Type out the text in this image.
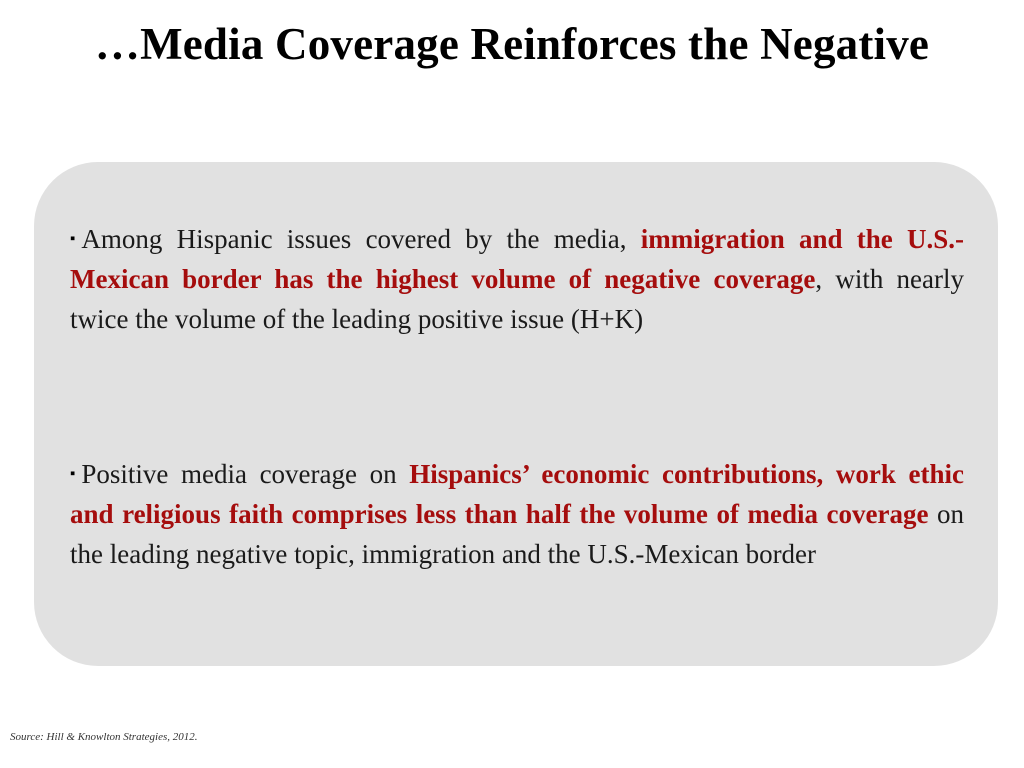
…Media Coverage Reinforces the Negative
▪ Among Hispanic issues covered by the media, immigration and the U.S.-Mexican border has the highest volume of negative coverage, with nearly twice the volume of the leading positive issue (H+K)
▪ Positive media coverage on Hispanics’ economic contributions, work ethic and religious faith comprises less than half the volume of media coverage on the leading negative topic, immigration and the U.S.-Mexican border
Source: Hill & Knowlton Strategies, 2012.
